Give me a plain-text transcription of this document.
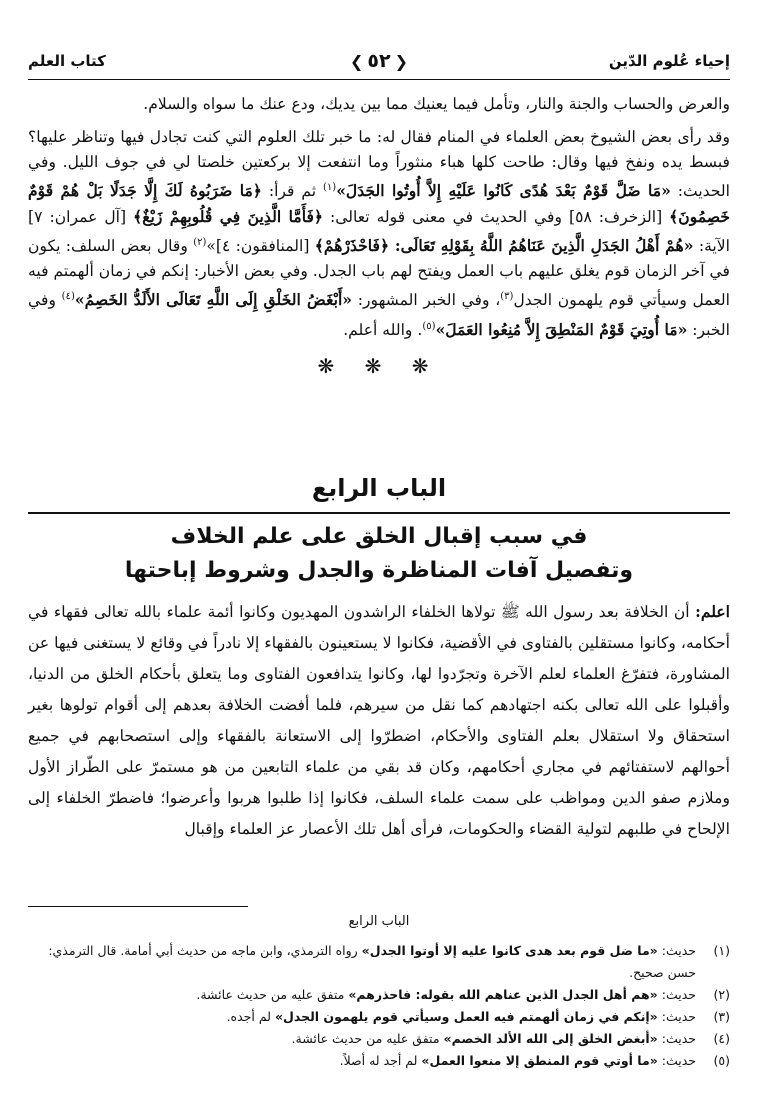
إحياء عُلوم الدّين
❮٥٢❯
كتاب العلم

والعرض والحساب والجنة والنار، وتأمل فيما يعنيك مما بين يديك، ودع عنك ما سواه والسلام.

وقد رأى بعض الشيوخ بعض العلماء في المنام فقال له: ما خبر تلك العلوم التي كنت تجادل فيها وتناظر عليها؟ فبسط يده ونفخ فيها وقال: طاحت كلها هباء منثوراً وما انتفعت إلا بركعتين خلصتا لي في جوف الليل. وفي الحديث: «مَا ضَلَّ قَوْمٌ بَعْدَ هُدًى كَانُوا عَلَيْهِ إِلاَّ أُوتُوا الجَدَلَ»$^{(١)}$ ثم قرأ: ﴿مَا ضَرَبُوهُ لَكَ إِلَّا جَدَلًا بَلْ هُمْ قَوْمٌ خَصِمُونَ﴾ [الزخرف: ٥٨] وفي الحديث في معنى قوله تعالى: ﴿فَأَمَّا الَّذِينَ فِي قُلُوبِهِمْ زَيْغٌ﴾ [آل عمران: ٧] الآية: «هُمْ أَهْلُ الجَدَلِ الَّذِينَ عَنَاهُمُ اللَّهُ بِقَوْلِهِ تَعَالَى: ﴿فَاحْذَرْهُمْ﴾ [المنافقون: ٤]»$^{(٢)}$ وقال بعض السلف: يكون في آخر الزمان قوم يغلق عليهم باب العمل ويفتح لهم باب الجدل. وفي بعض الأخبار: إنكم في زمان ألهمتم فيه العمل وسيأتي قوم يلهمون الجدل$^{(٣)}$، وفي الخبر المشهور: «أَبْغَضُ الخَلْقِ إِلَى اللَّهِ تَعَالَى الأَلَدُّ الخَصِمُ»$^{(٤)}$ وفي الخبر: «مَا أُوتِيَ قَوْمٌ المَنْطِقَ إِلاَّ مُنِعُوا العَمَلَ»$^{(٥)}$. والله أعلم.

❋ ❋ ❋
الباب الرابع
في سبب إقبال الخلق على علم الخلاف
وتفصيل آفات المناظرة والجدل وشروط إباحتها
اعلم: أن الخلافة بعد رسول الله ﷺ تولاها الخلفاء الراشدون المهديون وكانوا أئمة علماء بالله تعالى فقهاء في أحكامه، وكانوا مستقلين بالفتاوى في الأقضية، فكانوا لا يستعينون بالفقهاء إلا نادراً في وقائع لا يستغنى فيها عن المشاورة، فتفرّغ العلماء لعلم الآخرة وتجرّدوا لها، وكانوا يتدافعون الفتاوى وما يتعلق بأحكام الخلق من الدنيا، وأقبلوا على الله تعالى بكنه اجتهادهم كما نقل من سيرهم، فلما أفضت الخلافة بعدهم إلى أقوام تولوها بغير استحقاق ولا استقلال بعلم الفتاوى والأحكام، اضطرّوا إلى الاستعانة بالفقهاء وإلى استصحابهم في جميع أحوالهم لاستفتائهم في مجاري أحكامهم، وكان قد بقي من علماء التابعين من هو مستمرّ على الطّراز الأول وملازم صفو الدين ومواظب على سمت علماء السلف، فكانوا إذا طلبوا هربوا وأعرضوا؛ فاضطرّ الخلفاء إلى الإلحاح في طلبهم لتولية القضاء والحكومات، فرأى أهل تلك الأعصار عز العلماء وإقبال
الباب الرابع
(١)
حديث: «ما ضل قوم بعد هدى كانوا عليه إلا أوتوا الجدل» رواه الترمذي، وابن ماجه من حديث أبي أمامة. قال الترمذي: حسن صحيح.
(٢)
حديث: «هم أهل الجدل الذين عناهم الله بقوله: فاحذرهم» متفق عليه من حديث عائشة.
(٣)
حديث: «إنكم في زمان ألهمتم فيه العمل وسيأتي قوم يلهمون الجدل» لم أجده.
(٤)
حديث: «أبغض الخلق إلى الله الألد الخصم» متفق عليه من حديث عائشة.
(٥)
حديث: «ما أوتي قوم المنطق إلا منعوا العمل» لم أجد له أصلاً.
